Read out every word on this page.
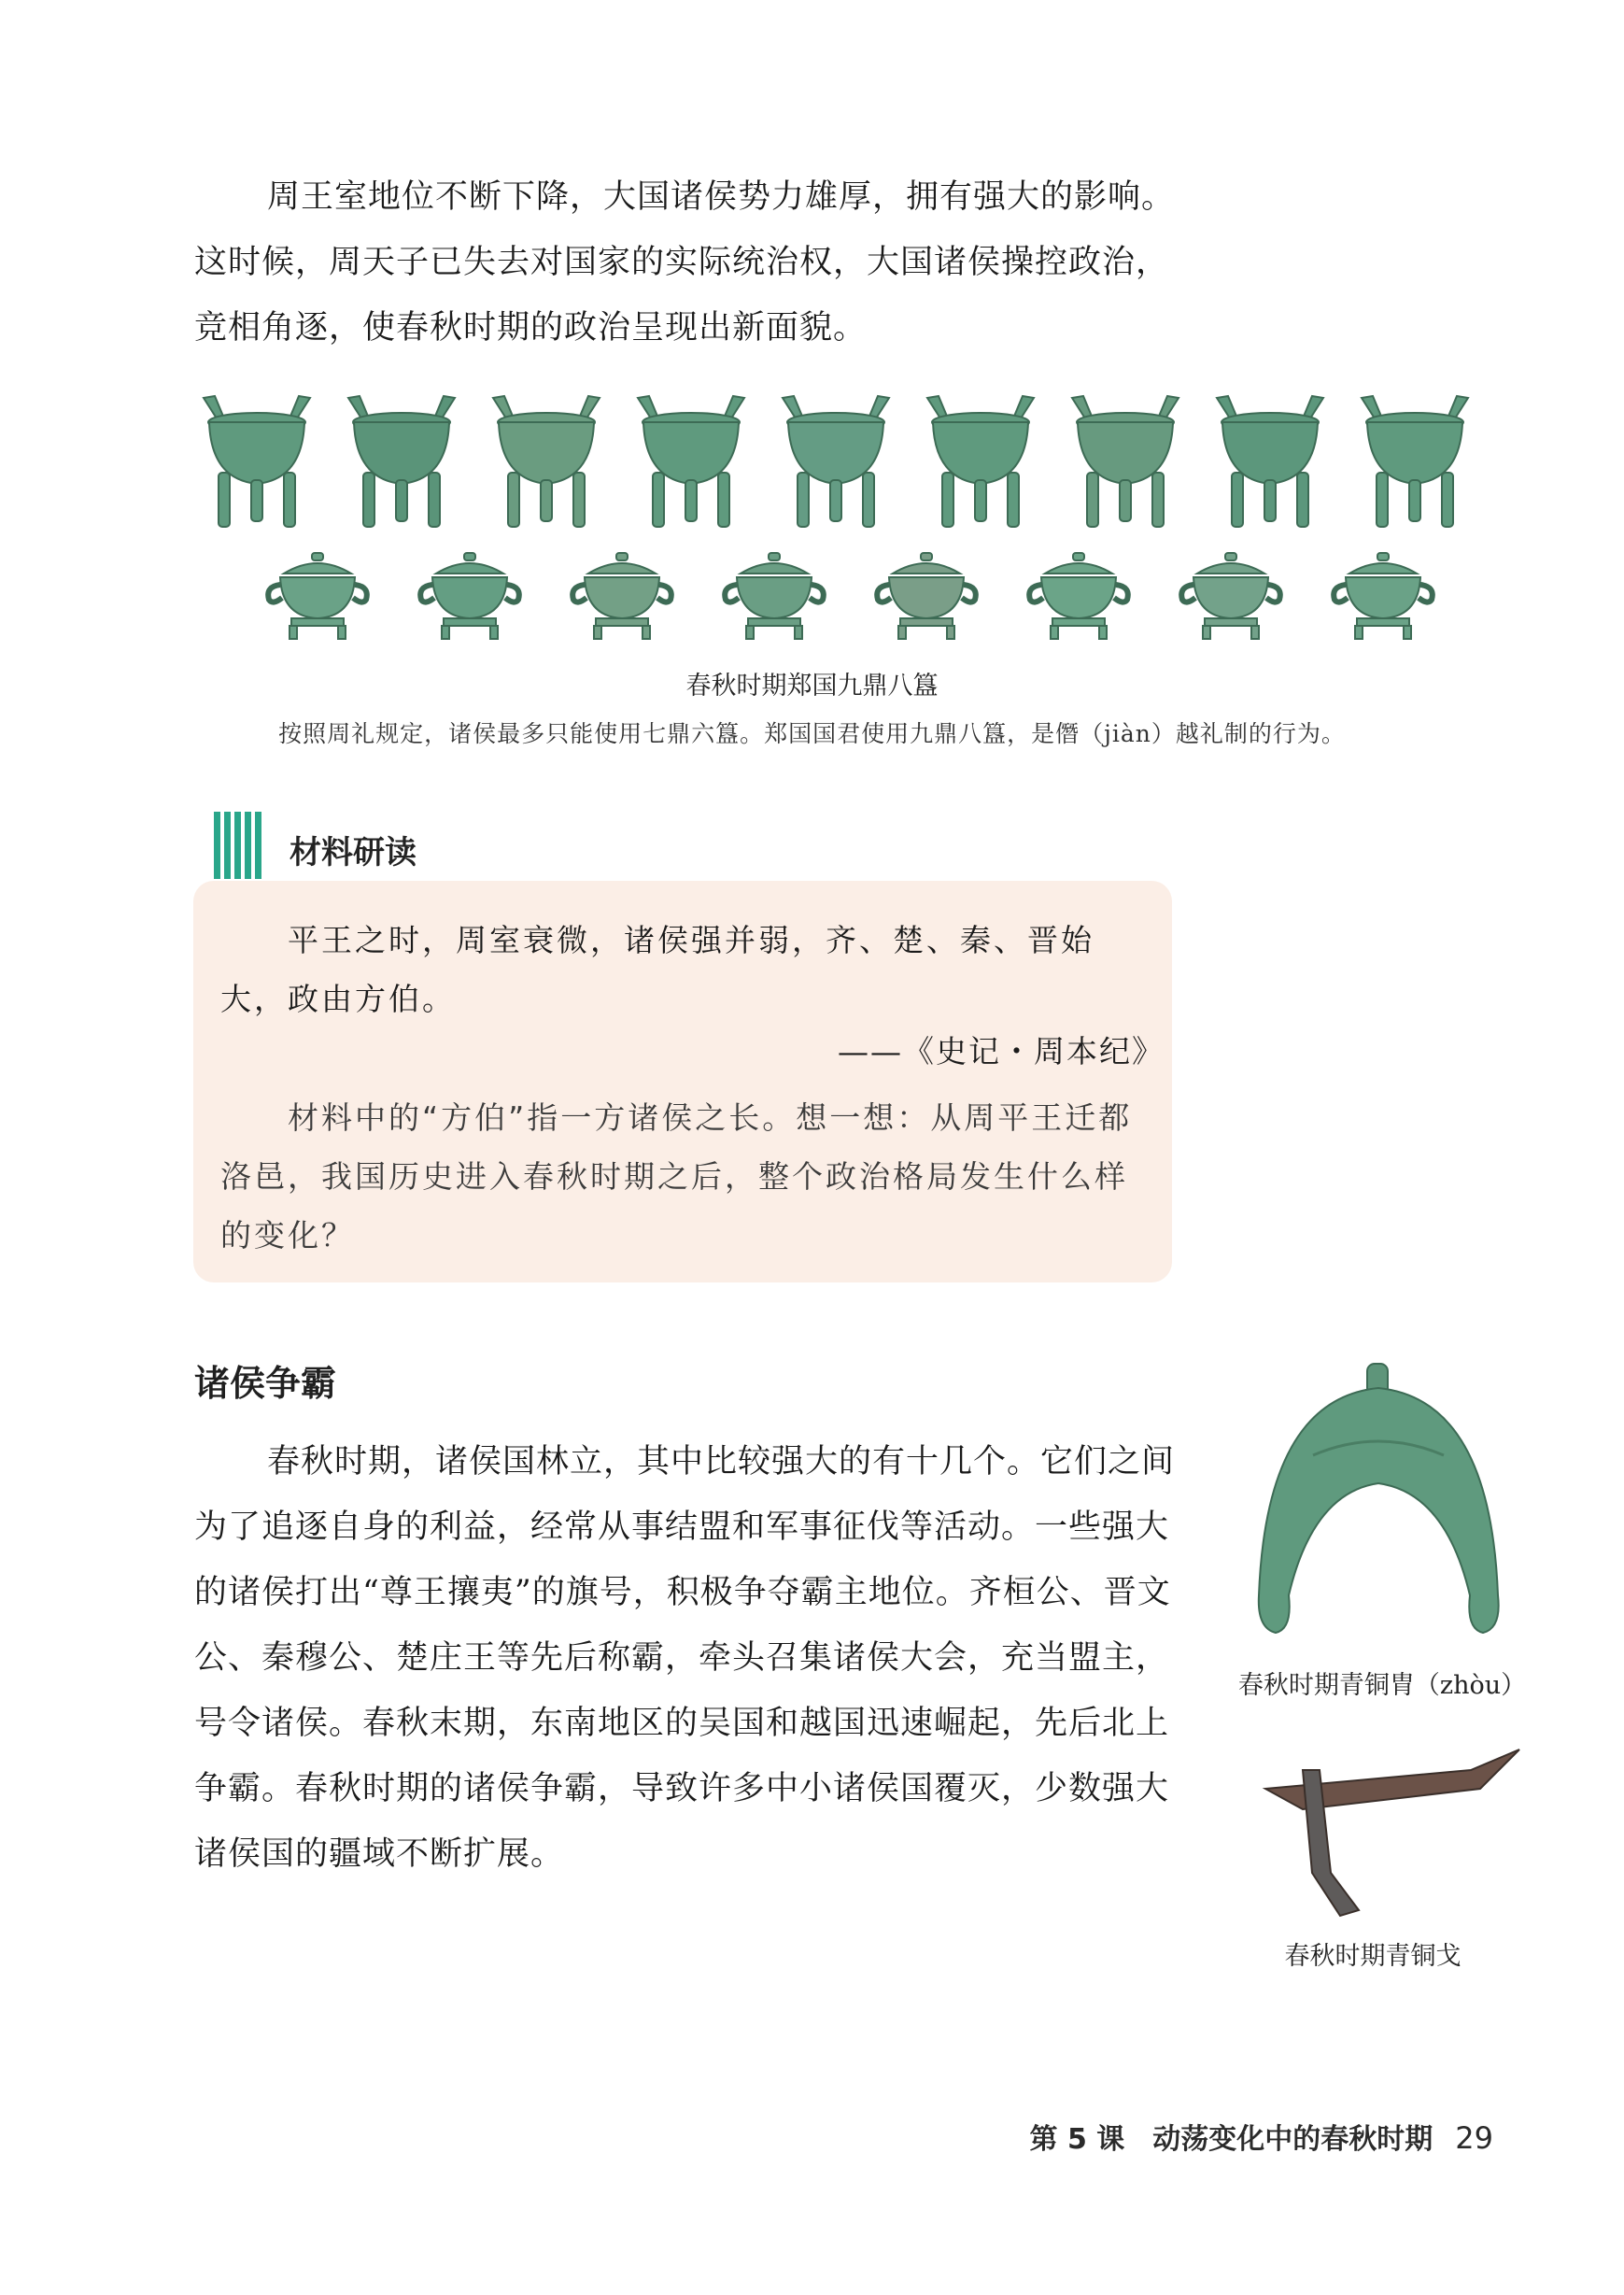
周王室地位不断下降，大国诸侯势力雄厚，拥有强大的影响。这时候，周天子已失去对国家的实际统治权，大国诸侯操控政治，竞相角逐，使春秋时期的政治呈现出新面貌。
春秋时期郑国九鼎八簋
按照周礼规定，诸侯最多只能使用七鼎六簋。郑国国君使用九鼎八簋，是僭（jiàn）越礼制的行为。
材料研读
平王之时，周室衰微，诸侯强并弱，齐、楚、秦、晋始大，政由方伯。
——《史记・周本纪》
材料中的“方伯”指一方诸侯之长。想一想：从周平王迁都洛邑，我国历史进入春秋时期之后，整个政治格局发生什么样的变化？
诸侯争霸
春秋时期，诸侯国林立，其中比较强大的有十几个。它们之间为了追逐自身的利益，经常从事结盟和军事征伐等活动。一些强大的诸侯打出“尊王攘夷”的旗号，积极争夺霸主地位。齐桓公、晋文公、秦穆公、楚庄王等先后称霸，牵头召集诸侯大会，充当盟主，号令诸侯。春秋末期，东南地区的吴国和越国迅速崛起，先后北上争霸。春秋时期的诸侯争霸，导致许多中小诸侯国覆灭，少数强大诸侯国的疆域不断扩展。
春秋时期青铜胄（zhòu）
春秋时期青铜戈
第 5 课　动荡变化中的春秋时期 29
